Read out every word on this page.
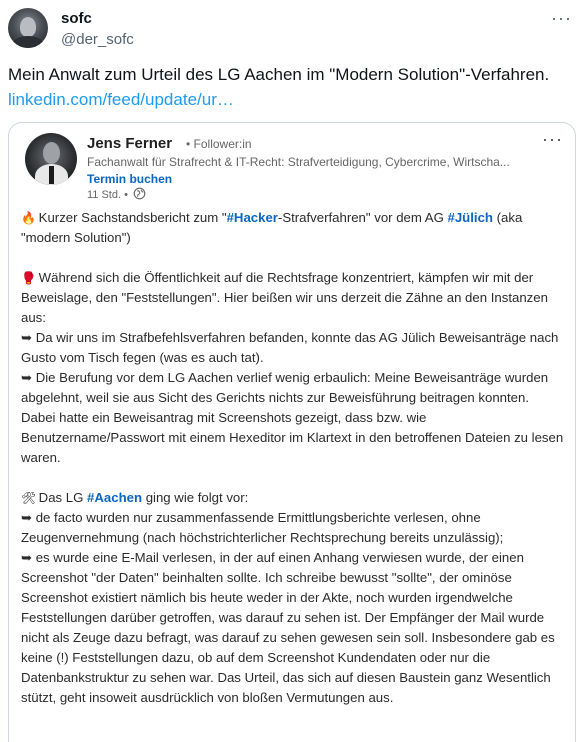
sofc
@der_sofc
···
Mein Anwalt zum Urteil des LG Aachen im "Modern Solution"-Verfahren.
linkedin.com/feed/update/ur…
Jens Ferner • Follower:in
Fachanwalt für Strafrecht & IT-Recht: Strafverteidigung, Cybercrime, Wirtscha...
Termin buchen
11 Std. •
···

🔥 Kurzer Sachstandsbericht zum "#Hacker-Strafverfahren" vor dem AG #Jülich (aka "modern Solution")

🥊 Während sich die Öffentlichkeit auf die Rechtsfrage konzentriert, kämpfen wir mit der Beweislage, den "Feststellungen". Hier beißen wir uns derzeit die Zähne an den Instanzen aus:

➥ Da wir uns im Strafbefehlsverfahren befanden, konnte das AG Jülich Beweisanträge nach Gusto vom Tisch fegen (was es auch tat).

➥ Die Berufung vor dem LG Aachen verlief wenig erbaulich: Meine Beweisanträge wurden abgelehnt, weil sie aus Sicht des Gerichts nichts zur Beweisführung beitragen konnten. Dabei hatte ein Beweisantrag mit Screenshots gezeigt, dass bzw. wie Benutzername/Passwort mit einem Hexeditor im Klartext in den betroffenen Dateien zu lesen waren.

🛠 Das LG #Aachen ging wie folgt vor:

➥ de facto wurden nur zusammenfassende Ermittlungsberichte verlesen, ohne Zeugenvernehmung (nach höchstrichterlicher Rechtsprechung bereits unzulässig);

➥ es wurde eine E-Mail verlesen, in der auf einen Anhang verwiesen wurde, der einen Screenshot "der Daten" beinhalten sollte. Ich schreibe bewusst "sollte", der ominöse Screenshot existiert nämlich bis heute weder in der Akte, noch wurden irgendwelche Feststellungen darüber getroffen, was darauf zu sehen ist. Der Empfänger der Mail wurde nicht als Zeuge dazu befragt, was darauf zu sehen gewesen sein soll. Insbesondere gab es keine (!) Feststellungen dazu, ob auf dem Screenshot Kundendaten oder nur die Datenbankstruktur zu sehen war. Das Urteil, das sich auf diesen Baustein ganz Wesentlich stützt, geht insoweit ausdrücklich von bloßen Vermutungen aus.
